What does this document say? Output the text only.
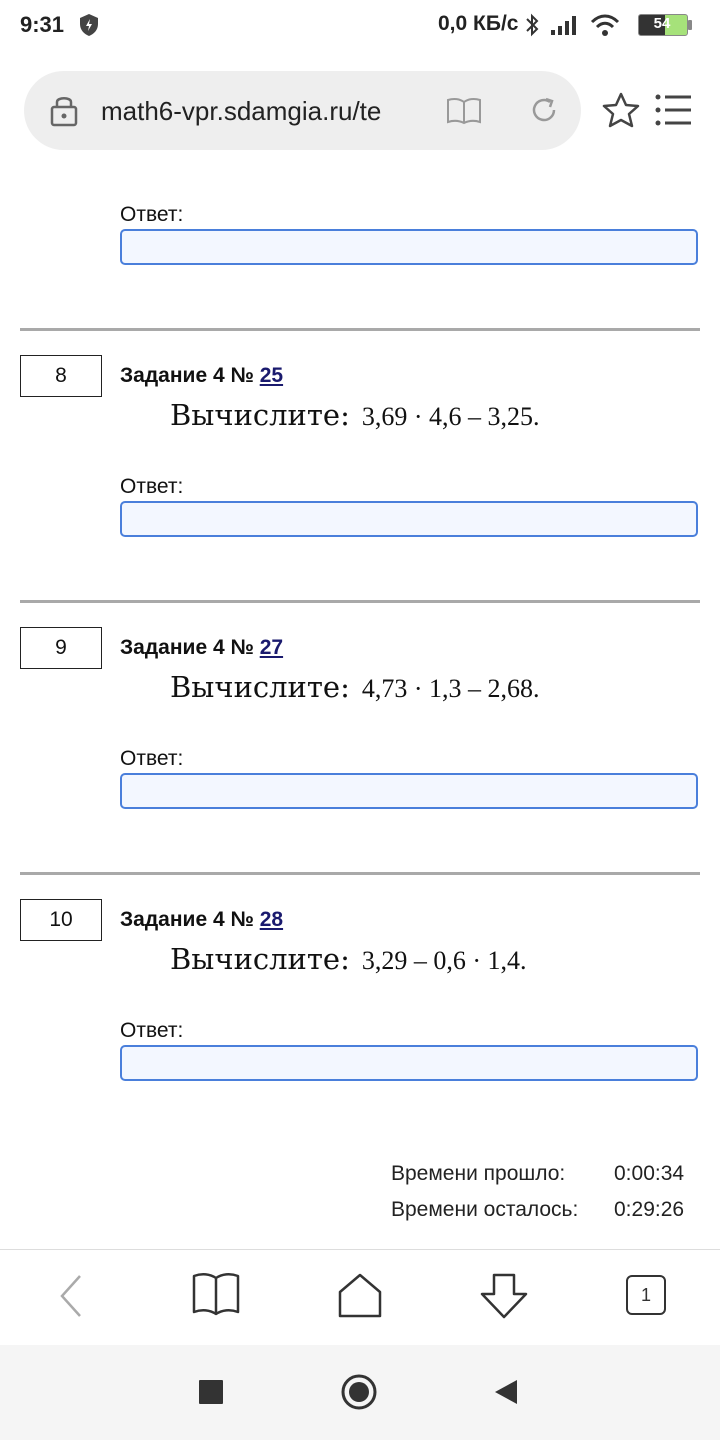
9:31	0,0 КБ/с	54
math6-vpr.sdamgia.ru/te
Ответ:
8	Задание 4 № 25
Вычислите: 3,69 · 4,6 – 3,25.
Ответ:
9	Задание 4 № 27
Вычислите: 4,73 · 1,3 – 2,68.
Ответ:
10	Задание 4 № 28
Вычислите: 3,29 – 0,6 · 1,4.
Ответ:
Времени прошло: 0:00:34
Времени осталось: 0:29:26
1
